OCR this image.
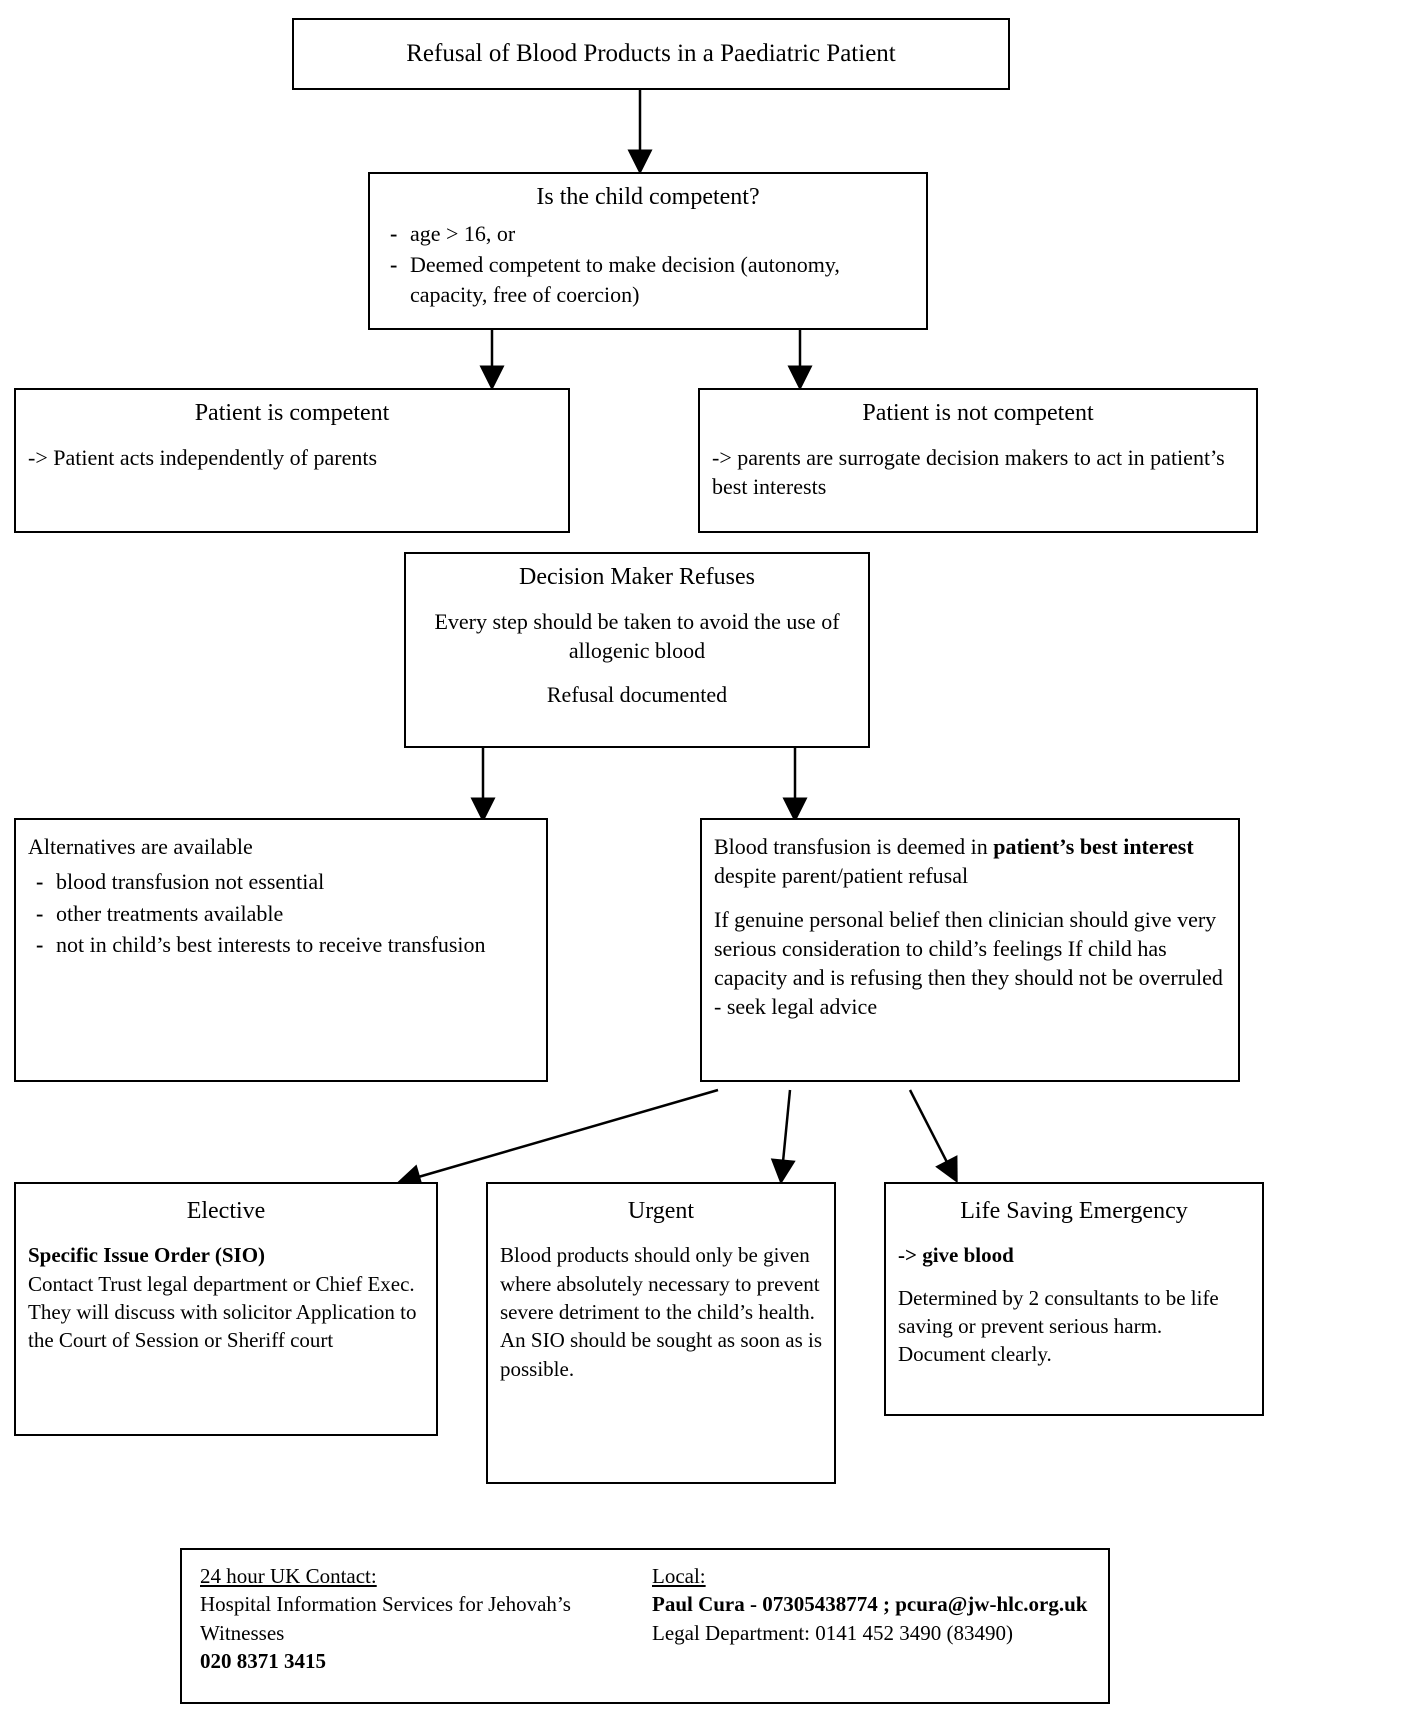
Refusal of Blood Products in a Paediatric Patient
Is the child competent?
- age > 16, or
- Deemed competent to make decision (autonomy, capacity, free of coercion)
Patient is competent
-> Patient acts independently of parents
Patient is not competent
-> parents are surrogate decision makers to act in patient’s best interests
Decision Maker Refuses
Every step should be taken to avoid the use of allogenic blood
Refusal documented
Alternatives are available
- blood transfusion not essential
- other treatments available
- not in child’s best interests to receive transfusion
Blood transfusion is deemed in patient’s best interest despite parent/patient refusal
If genuine personal belief then clinician should give very serious consideration to child’s feelings If child has capacity and is refusing then they should not be overruled - seek legal advice
Elective
Specific Issue Order (SIO)
Contact Trust legal department or Chief Exec. They will discuss with solicitor Application to the Court of Session or Sheriff court
Urgent
Blood products should only be given where absolutely necessary to prevent severe detriment to the child’s health. An SIO should be sought as soon as is possible.
Life Saving Emergency
-> give blood
Determined by 2 consultants to be life saving or prevent serious harm. Document clearly.
24 hour UK Contact:
Hospital Information Services for Jehovah’s Witnesses
020 8371 3415
Local:
Paul Cura - 07305438774 ; pcura@jw-hlc.org.uk
Legal Department: 0141 452 3490 (83490)
